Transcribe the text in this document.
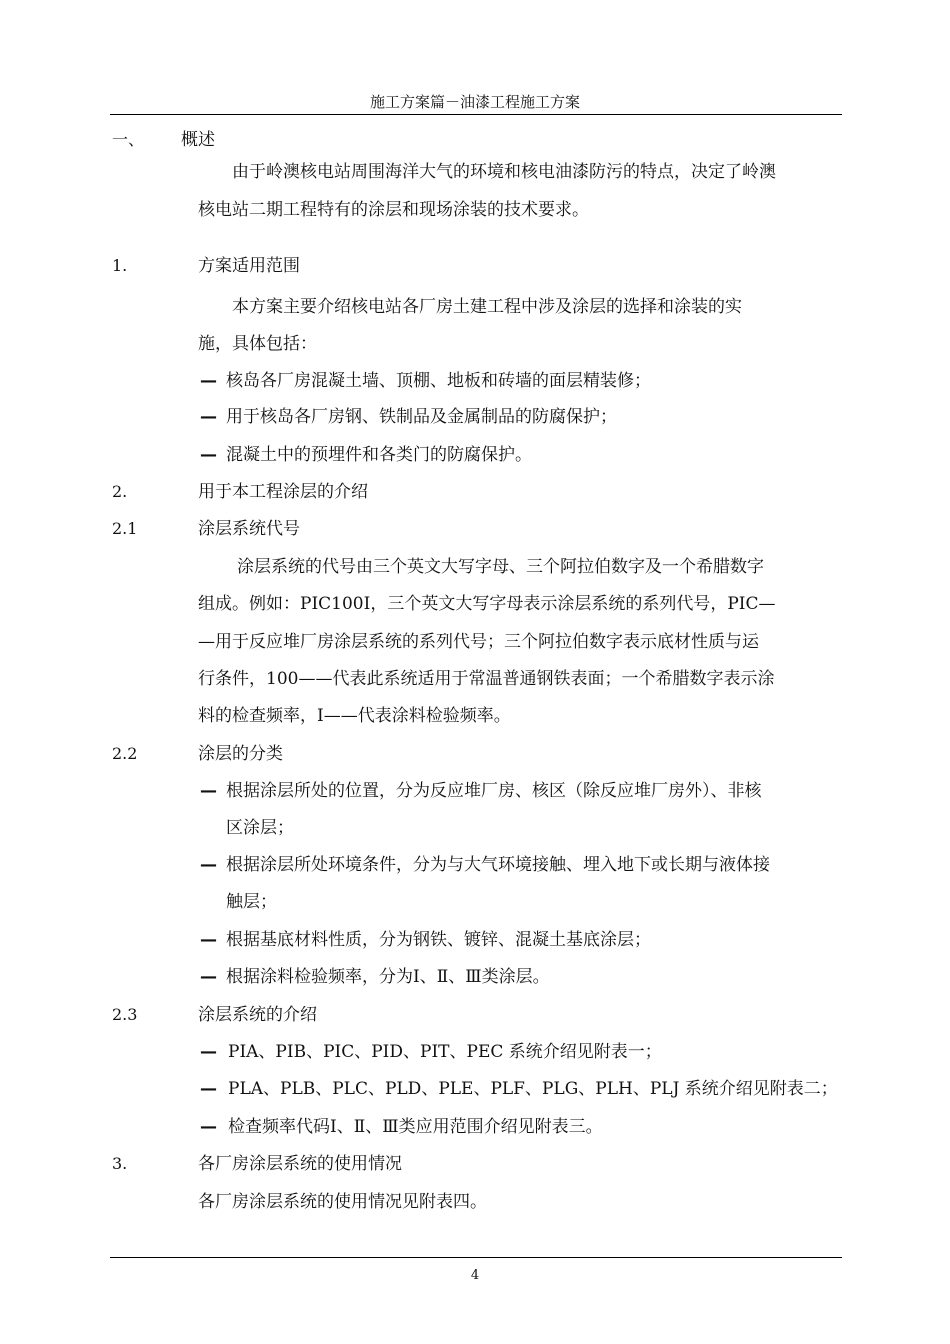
施工方案篇－油漆工程施工方案
一、 概述
由于岭澳核电站周围海洋大气的环境和核电油漆防污的特点，决定了岭澳
核电站二期工程特有的涂层和现场涂装的技术要求。
1.	方案适用范围
本方案主要介绍核电站各厂房土建工程中涉及涂层的选择和涂装的实
施，具体包括：
— 核岛各厂房混凝土墙、顶棚、地板和砖墙的面层精装修；
— 用于核岛各厂房钢、铁制品及金属制品的防腐保护；
— 混凝土中的预埋件和各类门的防腐保护。
2.	用于本工程涂层的介绍
2.1	涂层系统代号
涂层系统的代号由三个英文大写字母、三个阿拉伯数字及一个希腊数字
组成。例如：PIC100I，三个英文大写字母表示涂层系统的系列代号，PIC—
—用于反应堆厂房涂层系统的系列代号；三个阿拉伯数字表示底材性质与运
行条件，100——代表此系统适用于常温普通钢铁表面；一个希腊数字表示涂
料的检查频率，I——代表涂料检验频率。
2.2	涂层的分类
— 根据涂层所处的位置，分为反应堆厂房、核区（除反应堆厂房外）、非核
区涂层；
— 根据涂层所处环境条件，分为与大气环境接触、埋入地下或长期与液体接
触层；
— 根据基底材料性质，分为钢铁、镀锌、混凝土基底涂层；
— 根据涂料检验频率，分为Ⅰ、Ⅱ、Ⅲ类涂层。
2.3	涂层系统的介绍
— PIA、PIB、PIC、PID、PIT、PEC 系统介绍见附表一；
— PLA、PLB、PLC、PLD、PLE、PLF、PLG、PLH、PLJ 系统介绍见附表二；
— 检查频率代码Ⅰ、Ⅱ、Ⅲ类应用范围介绍见附表三。
3.	各厂房涂层系统的使用情况
各厂房涂层系统的使用情况见附表四。
4
